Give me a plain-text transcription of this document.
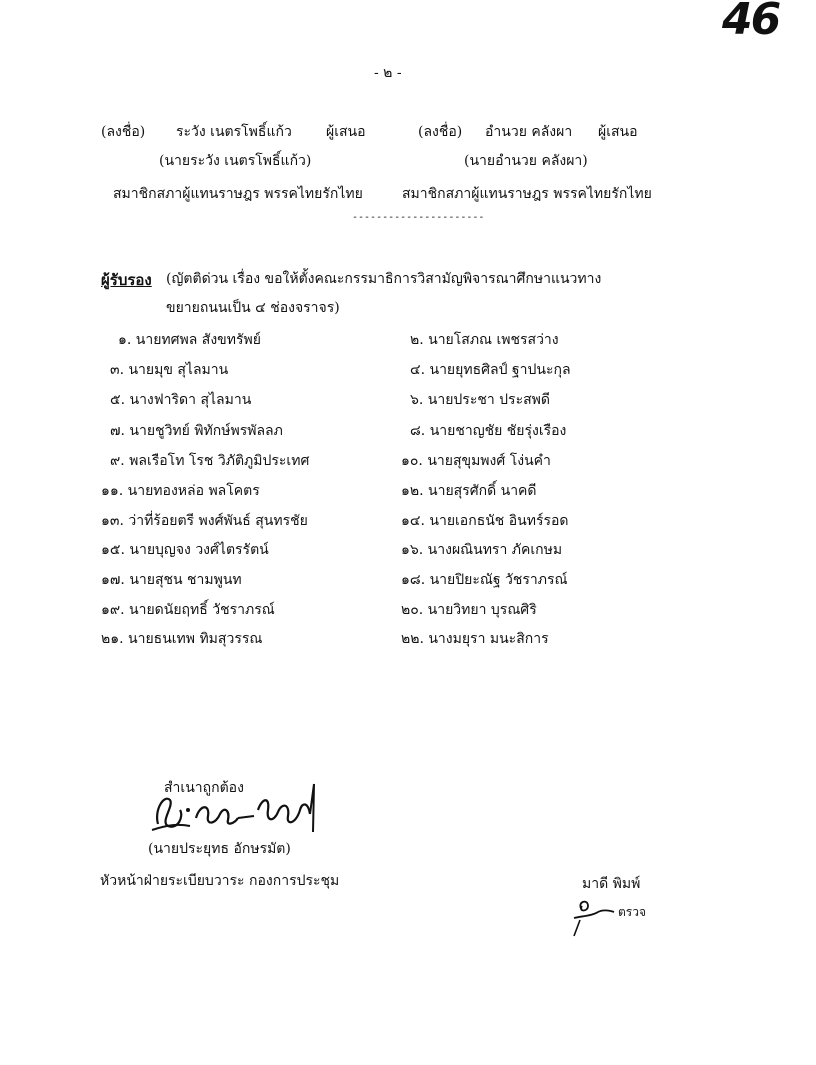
46
- ๒ -
(ลงชื่อ) ระวัง เนตรโพธิ์แก้ว ผู้เสนอ
(นายระวัง เนตรโพธิ์แก้ว)
สมาชิกสภาผู้แทนราษฎร พรรคไทยรักไทย
(ลงชื่อ) อำนวย คลังผา ผู้เสนอ
(นายอำนวย คลังผา)
สมาชิกสภาผู้แทนราษฎร พรรคไทยรักไทย
----------------------
ผู้รับรอง (ญัตติด่วน เรื่อง ขอให้ตั้งคณะกรรมาธิการวิสามัญพิจารณาศึกษาแนวทาง
ขยายถนนเป็น ๔ ช่องจราจร)
๑. นายทศพล สังขทรัพย์
๓. นายมุข สุไลมาน
๕. นางฟาริดา สุไลมาน
๗. นายชูวิทย์ พิทักษ์พรพัลลภ
๙. พลเรือโท โรช วิภัติภูมิประเทศ
๑๑. นายทองหล่อ พลโคตร
๑๓. ว่าที่ร้อยตรี พงศ์พันธ์ สุนทรชัย
๑๕. นายบุญจง วงศ์ไตรรัตน์
๑๗. นายสุชน ชามพูนท
๑๙. นายดนัยฤทธิ์ วัชราภรณ์
๒๑. นายธนเทพ ทิมสุวรรณ
๒. นายโสภณ เพชรสว่าง
๔. นายยุทธศิลป์ ฐาปนะกุล
๖. นายประชา ประสพดี
๘. นายชาญชัย ชัยรุ่งเรือง
๑๐. นายสุขุมพงศ์ โง่นคำ
๑๒. นายสุรศักดิ์ นาคดี
๑๔. นายเอกธนัช อินทร์รอด
๑๖. นางผณินทรา ภัคเกษม
๑๘. นายปิยะณัฐ วัชราภรณ์
๒๐. นายวิทยา บุรณศิริ
๒๒. นางมยุรา มนะสิการ
สำเนาถูกต้อง
(นายประยุทธ อักษรมัต)
หัวหน้าฝ่ายระเบียบวาระ กองการประชุม	มาดี พิมพ์
ตรวจ
